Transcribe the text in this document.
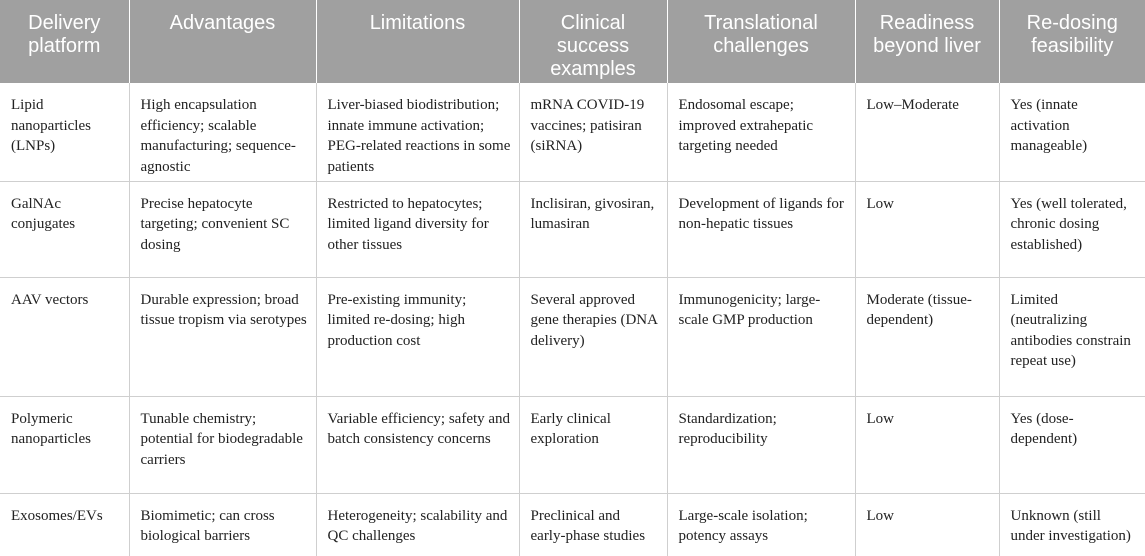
Delivery platform	Advantages	Limitations	Clinical success examples	Translational challenges	Readiness beyond liver	Re-dosing feasibility
Lipid nanoparticles (LNPs)	High encapsulation efficiency; scalable manufacturing; sequence-agnostic	Liver-biased biodistribution; innate immune activation; PEG-related reactions in some patients	mRNA COVID-19 vaccines; patisiran (siRNA)	Endosomal escape; improved extrahepatic targeting needed	Low–Moderate	Yes (innate activation manageable)
GalNAc conjugates	Precise hepatocyte targeting; convenient SC dosing	Restricted to hepatocytes; limited ligand diversity for other tissues	Inclisiran, givosiran, lumasiran	Development of ligands for non-hepatic tissues	Low	Yes (well tolerated, chronic dosing established)
AAV vectors	Durable expression; broad tissue tropism via serotypes	Pre-existing immunity; limited re-dosing; high production cost	Several approved gene therapies (DNA delivery)	Immunogenicity; large-scale GMP production	Moderate (tissue-dependent)	Limited (neutralizing antibodies constrain repeat use)
Polymeric nanoparticles	Tunable chemistry; potential for biodegradable carriers	Variable efficiency; safety and batch consistency concerns	Early clinical exploration	Standardization; reproducibility	Low	Yes (dose-dependent)
Exosomes/EVs	Biomimetic; can cross biological barriers	Heterogeneity; scalability and QC challenges	Preclinical and early-phase studies	Large-scale isolation; potency assays	Low	Unknown (still under investigation)
